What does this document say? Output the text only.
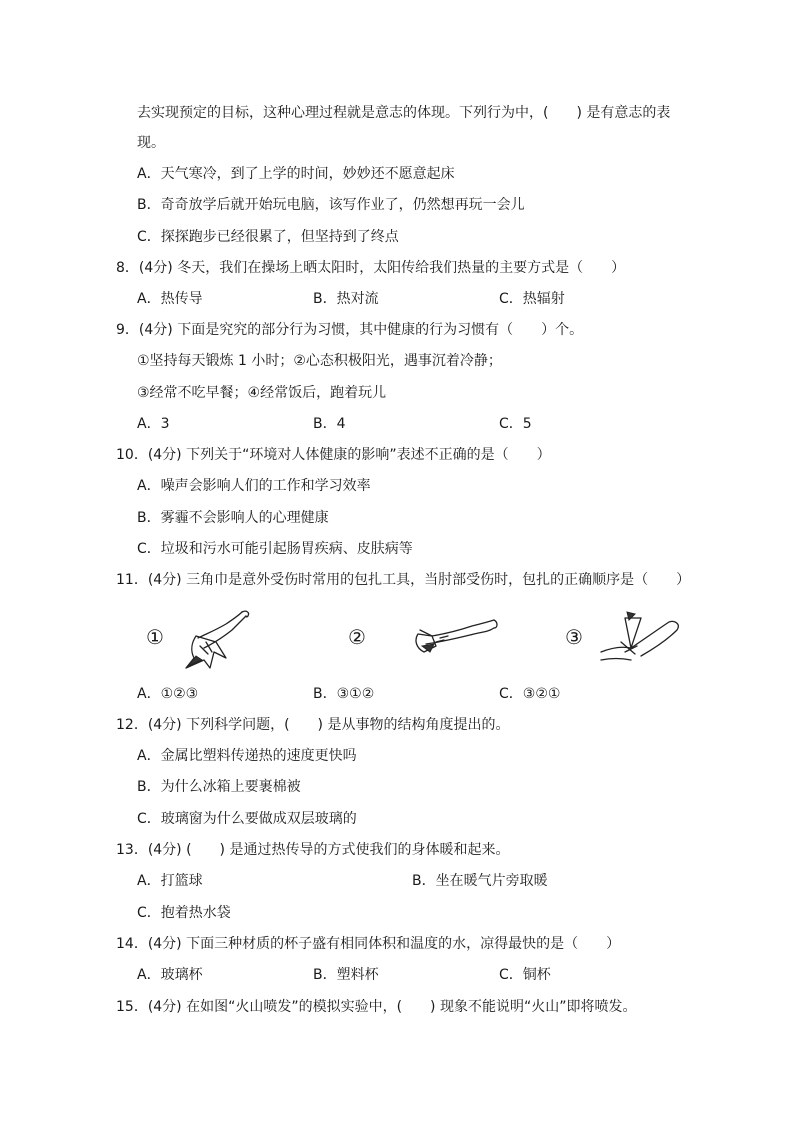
去实现预定的目标，这种心理过程就是意志的体现。下列行为中，(　　) 是有意志的表
现。
A．天气寒冷，到了上学的时间，妙妙还不愿意起床
B．奇奇放学后就开始玩电脑，该写作业了，仍然想再玩一会儿
C．探探跑步已经很累了，但坚持到了终点
8．(4分) 冬天，我们在操场上晒太阳时，太阳传给我们热量的主要方式是（　　）
A．热传导	B．热对流	C．热辐射
9．(4分) 下面是究究的部分行为习惯，其中健康的行为习惯有（　　）个。
①坚持每天锻炼 1 小时；②心态积极阳光，遇事沉着冷静；
③经常不吃早餐；④经常饭后，跑着玩儿
A．3	B．4	C．5
10．(4分) 下列关于“环境对人体健康的影响”表述不正确的是（　　）
A．噪声会影响人们的工作和学习效率
B．雾霾不会影响人的心理健康
C．垃圾和污水可能引起肠胃疾病、皮肤病等
11．(4分) 三角巾是意外受伤时常用的包扎工具，当肘部受伤时，包扎的正确顺序是（　　）
①	②	③
A．①②③	B．③①②	C．③②①
12．(4分) 下列科学问题，(　　) 是从事物的结构角度提出的。
A．金属比塑料传递热的速度更快吗
B．为什么冰箱上要裹棉被
C．玻璃窗为什么要做成双层玻璃的
13．(4分) (　　) 是通过热传导的方式使我们的身体暖和起来。
A．打篮球	B．坐在暖气片旁取暖
C．抱着热水袋
14．(4分) 下面三种材质的杯子盛有相同体积和温度的水，凉得最快的是（　　）
A．玻璃杯	B．塑料杯	C．铜杯
15．(4分) 在如图“火山喷发”的模拟实验中，(　　) 现象不能说明“火山”即将喷发。
